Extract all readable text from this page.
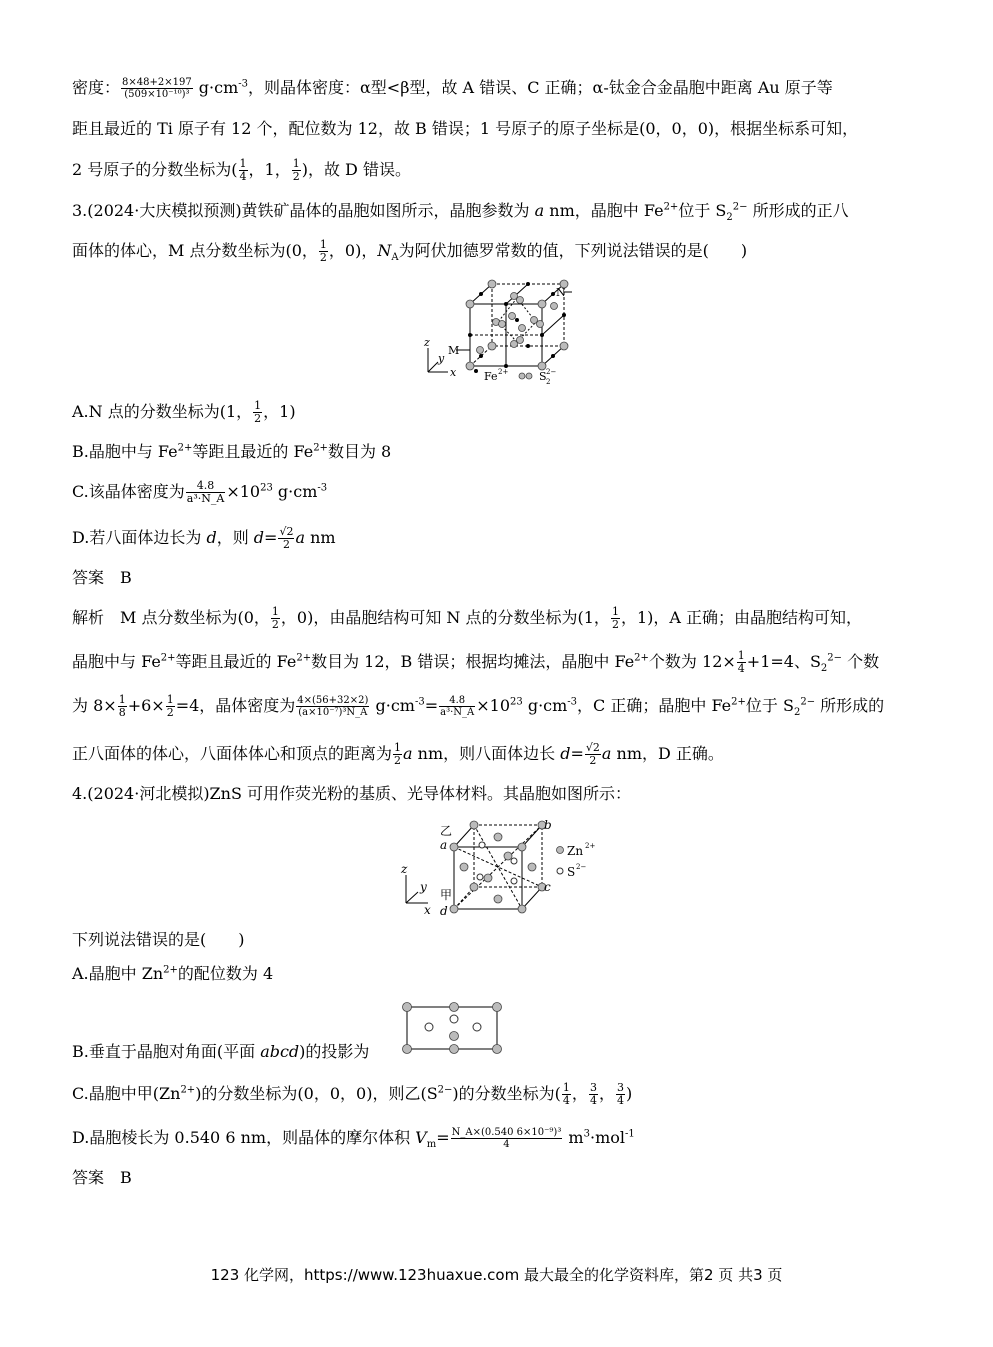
密度： $\frac{8\times 48+2\times 197}{\text{(509×10⁻¹⁰)³}} g\cdot cm^{-3}$，则晶体密度：α型<β型，故 A 错误、C 正确；α-钛金合金晶胞中距离 Au 原子等
距且最近的 Ti 原子有 12 个，配位数为 12，故 B 错误；1 号原子的原子坐标是(0，0，0)，根据坐标系可知，
2 号原子的分数坐标为( $\frac{1}{4}$ ，1， $\frac{1}{2}$ )，故 D 错误。
3.(2024·大庆模拟预测)黄铁矿晶体的晶胞如图所示，晶胞参数为 a nm，晶胞中 $Fe^{2+}$位于 $S_2^{2-}$ 所形成的正八
面体的体心，M 点分数坐标为(0， $\frac{1}{2}$ ，0)，$N_A$为阿伏加德罗常数的值，下列说法错误的是(　　)
N
M
z
y
x	Fe 2+	S 2
2−
A.N 点的分数坐标为(1， $\frac{1}{2}$ ，1)
B.晶胞中与 $Fe^{2+}$等距且最近的 $Fe^{2+}$数目为 8
C.该晶体密度为 $\frac{4.8}{\text{a³·N\_A}} \times 10^{23}$ $g\cdot cm^{-3}$
D.若八面体边长为 d，则 $d= \frac{√2}{2}$ a nm
答案　B
解析　M 点分数坐标为(0， $\frac{1}{2}$ ，0)，由晶胞结构可知 N 点的分数坐标为(1， $\frac{1}{2}$ ，1)，A 正确；由晶胞结构可知，
晶胞中与 $Fe^{2+}$等距且最近的 $Fe^{2+}$数目为 12，B 错误；根据均摊法，晶胞中 $Fe^{2+}$个数为 $12\times \frac{1}{4} +1=4$、$S_2^{2-}$ 个数
为 $8\times \frac{1}{8} +6\times \frac{1}{2} =4$，晶体密度为 $\frac{4\times(56+32\times 2)}{\text{(a×10⁻⁷)³N\_A}} g\cdot cm^{-3}= \frac{4.8}{\text{a³·N\_A}} \times 10^{23}$ $g\cdot cm^{-3}$，C 正确；晶胞中 $Fe^{2+}$位于 $S_2^{2-}$ 所形成的
正八面体的体心，八面体体心和顶点的距离为 $\frac{1}{2}$ a nm，则八面体边长 $d= \frac{√2}{2}$ a nm，D 正确。
4.(2024·河北模拟)ZnS 可用作荧光粉的基质、光导体材料。其晶胞如图所示：
乙
甲
a
b
c
d
z
y
x
Zn 2+
S 2−
下列说法错误的是(　　)
A.晶胞中 $Zn^{2+}$的配位数为 4
B.垂直于晶胞对角面(平面 abcd)的投影为
C.晶胞中甲$(Zn^{2+})$的分数坐标为(0，0，0)，则乙$(S^{2-})$的分数坐标为( $\frac{1}{4}$ ， $\frac{3}{4}$ ， $\frac{3}{4}$ )
D.晶胞棱长为 0.540 6 nm，则晶体的摩尔体积 $V_m= \frac{\text{N\_A×(0.540 6×10⁻⁹)³}}{4} m^3\cdot mol^{-1}$
答案　B
123 化学网，https://www.123huaxue.com 最大最全的化学资料库，第2 页 共3 页
